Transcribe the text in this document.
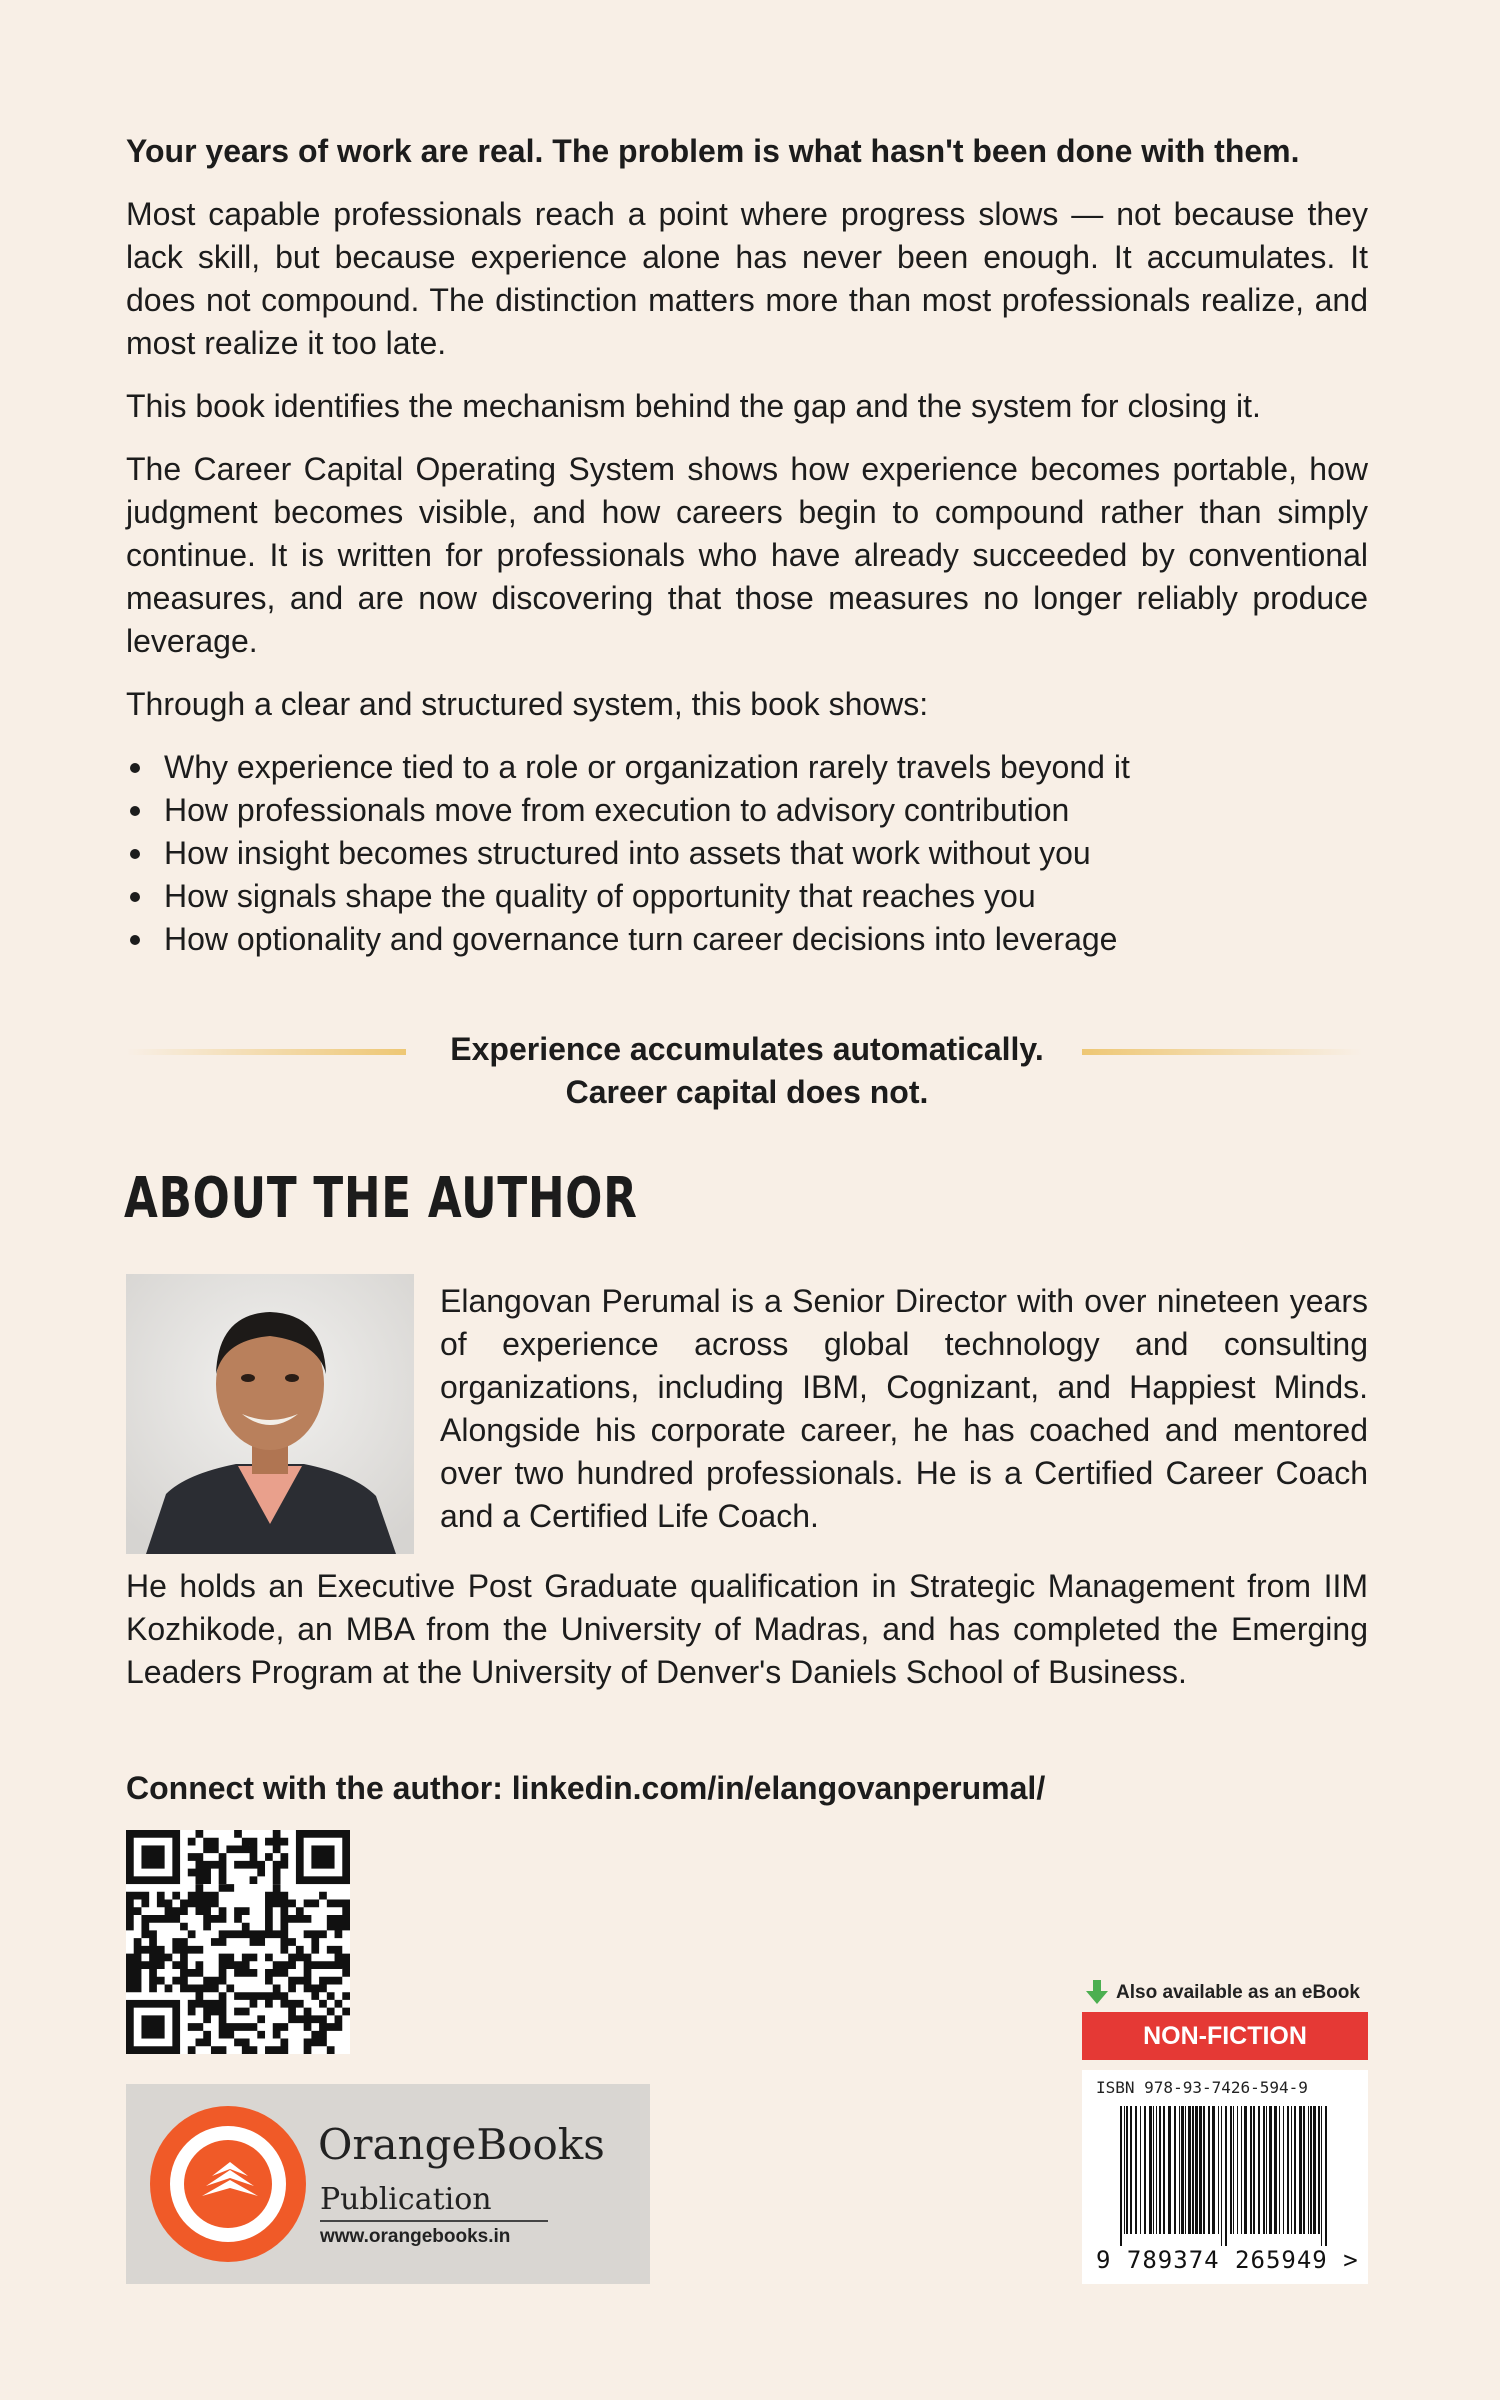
Your years of work are real. The problem is what hasn't been done with them.

Most capable professionals reach a point where progress slows — not because they lack skill, but because experience alone has never been enough. It accumulates. It does not compound. The distinction matters more than most professionals realize, and most realize it too late.

This book identifies the mechanism behind the gap and the system for closing it.

The Career Capital Operating System shows how experience becomes portable, how judgment becomes visible, and how careers begin to compound rather than simply continue. It is written for professionals who have already succeeded by conventional measures, and are now discovering that those measures no longer reliably produce leverage.

Through a clear and structured system, this book shows:

Why experience tied to a role or organization rarely travels beyond it
How professionals move from execution to advisory contribution
How insight becomes structured into assets that work without you
How signals shape the quality of opportunity that reaches you
How optionality and governance turn career decisions into leverage
Experience accumulates automatically.
Career capital does not.
ABOUT THE AUTHOR
Elangovan Perumal is a Senior Director with over nineteen years of experience across global technology and consulting organizations, including IBM, Cognizant, and Happiest Minds. Alongside his corporate career, he has coached and mentored over two hundred professionals. He is a Certified Career Coach and a Certified Life Coach.
He holds an Executive Post Graduate qualification in Strategic Management from IIM Kozhikode, an MBA from the University of Madras, and has completed the Emerging Leaders Program at the University of Denver's Daniels School of Business.
Connect with the author: linkedin.com/in/elangovanperumal/
OrangeBooks
Publication
www.orangebooks.in
Also available as an eBook
NON-FICTION
ISBN 978-93-7426-594-9
9 789374 265949 >
